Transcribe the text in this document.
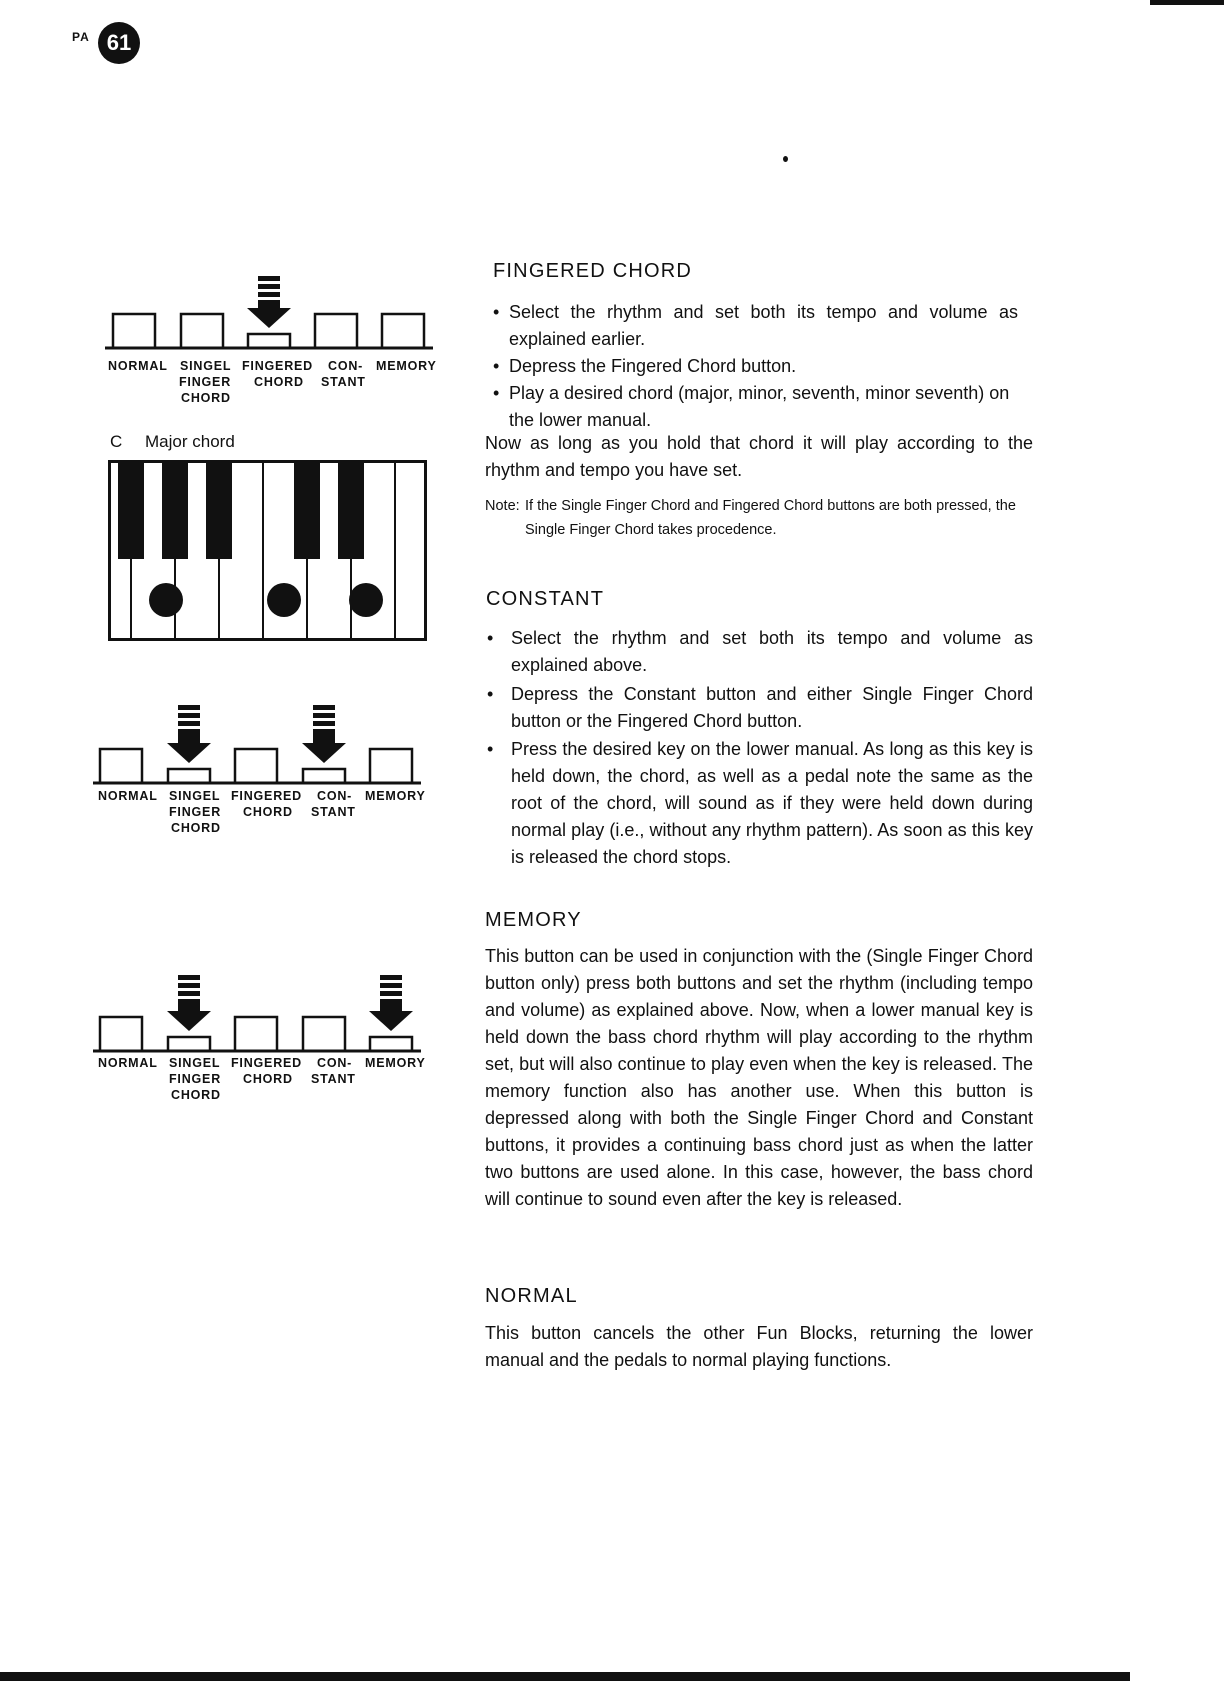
PA 61
NORMAL SINGEL
FINGER
CHORD
FINGERED
CHORD
CON-
STANT
MEMORY
C Major chord
NORMAL SINGEL
FINGER
CHORD
FINGERED
CHORD
CON-
STANT
MEMORY
NORMAL SINGEL
FINGER
CHORD
FINGERED
CHORD
CON-
STANT
MEMORY
FINGERED CHORD
• Select the rhythm and set both its tempo and volume as explained earlier.
• Depress the Fingered Chord button.
• Play a desired chord (major, minor, seventh, minor seventh) on the lower manual.
Now as long as you hold that chord it will play according to the rhythm and tempo you have set.
Note: If the Single Finger Chord and Fingered Chord buttons are both pressed, the Single Finger Chord takes procedence.
CONSTANT
• Select the rhythm and set both its tempo and volume as explained above.
• Depress the Constant button and either Single Finger Chord button or the Fingered Chord button.
• Press the desired key on the lower manual. As long as this key is held down, the chord, as well as a pedal note the same as the root of the chord, will sound as if they were held down during normal play (i.e., without any rhythm pattern). As soon as this key is released the chord stops.
MEMORY
This button can be used in conjunction with the (Single Finger Chord button only) press both buttons and set the rhythm (including tempo and volume) as explained above. Now, when a lower manual key is held down the bass chord rhythm will play according to the rhythm set, but will also continue to play even when the key is released. The memory function also has another use. When this button is depressed along with both the Single Finger Chord and Constant buttons, it provides a continuing bass chord just as when the latter two buttons are used alone. In this case, however, the bass chord will continue to sound even after the key is released.
NORMAL
This button cancels the other Fun Blocks, returning the lower manual and the pedals to normal playing functions.
